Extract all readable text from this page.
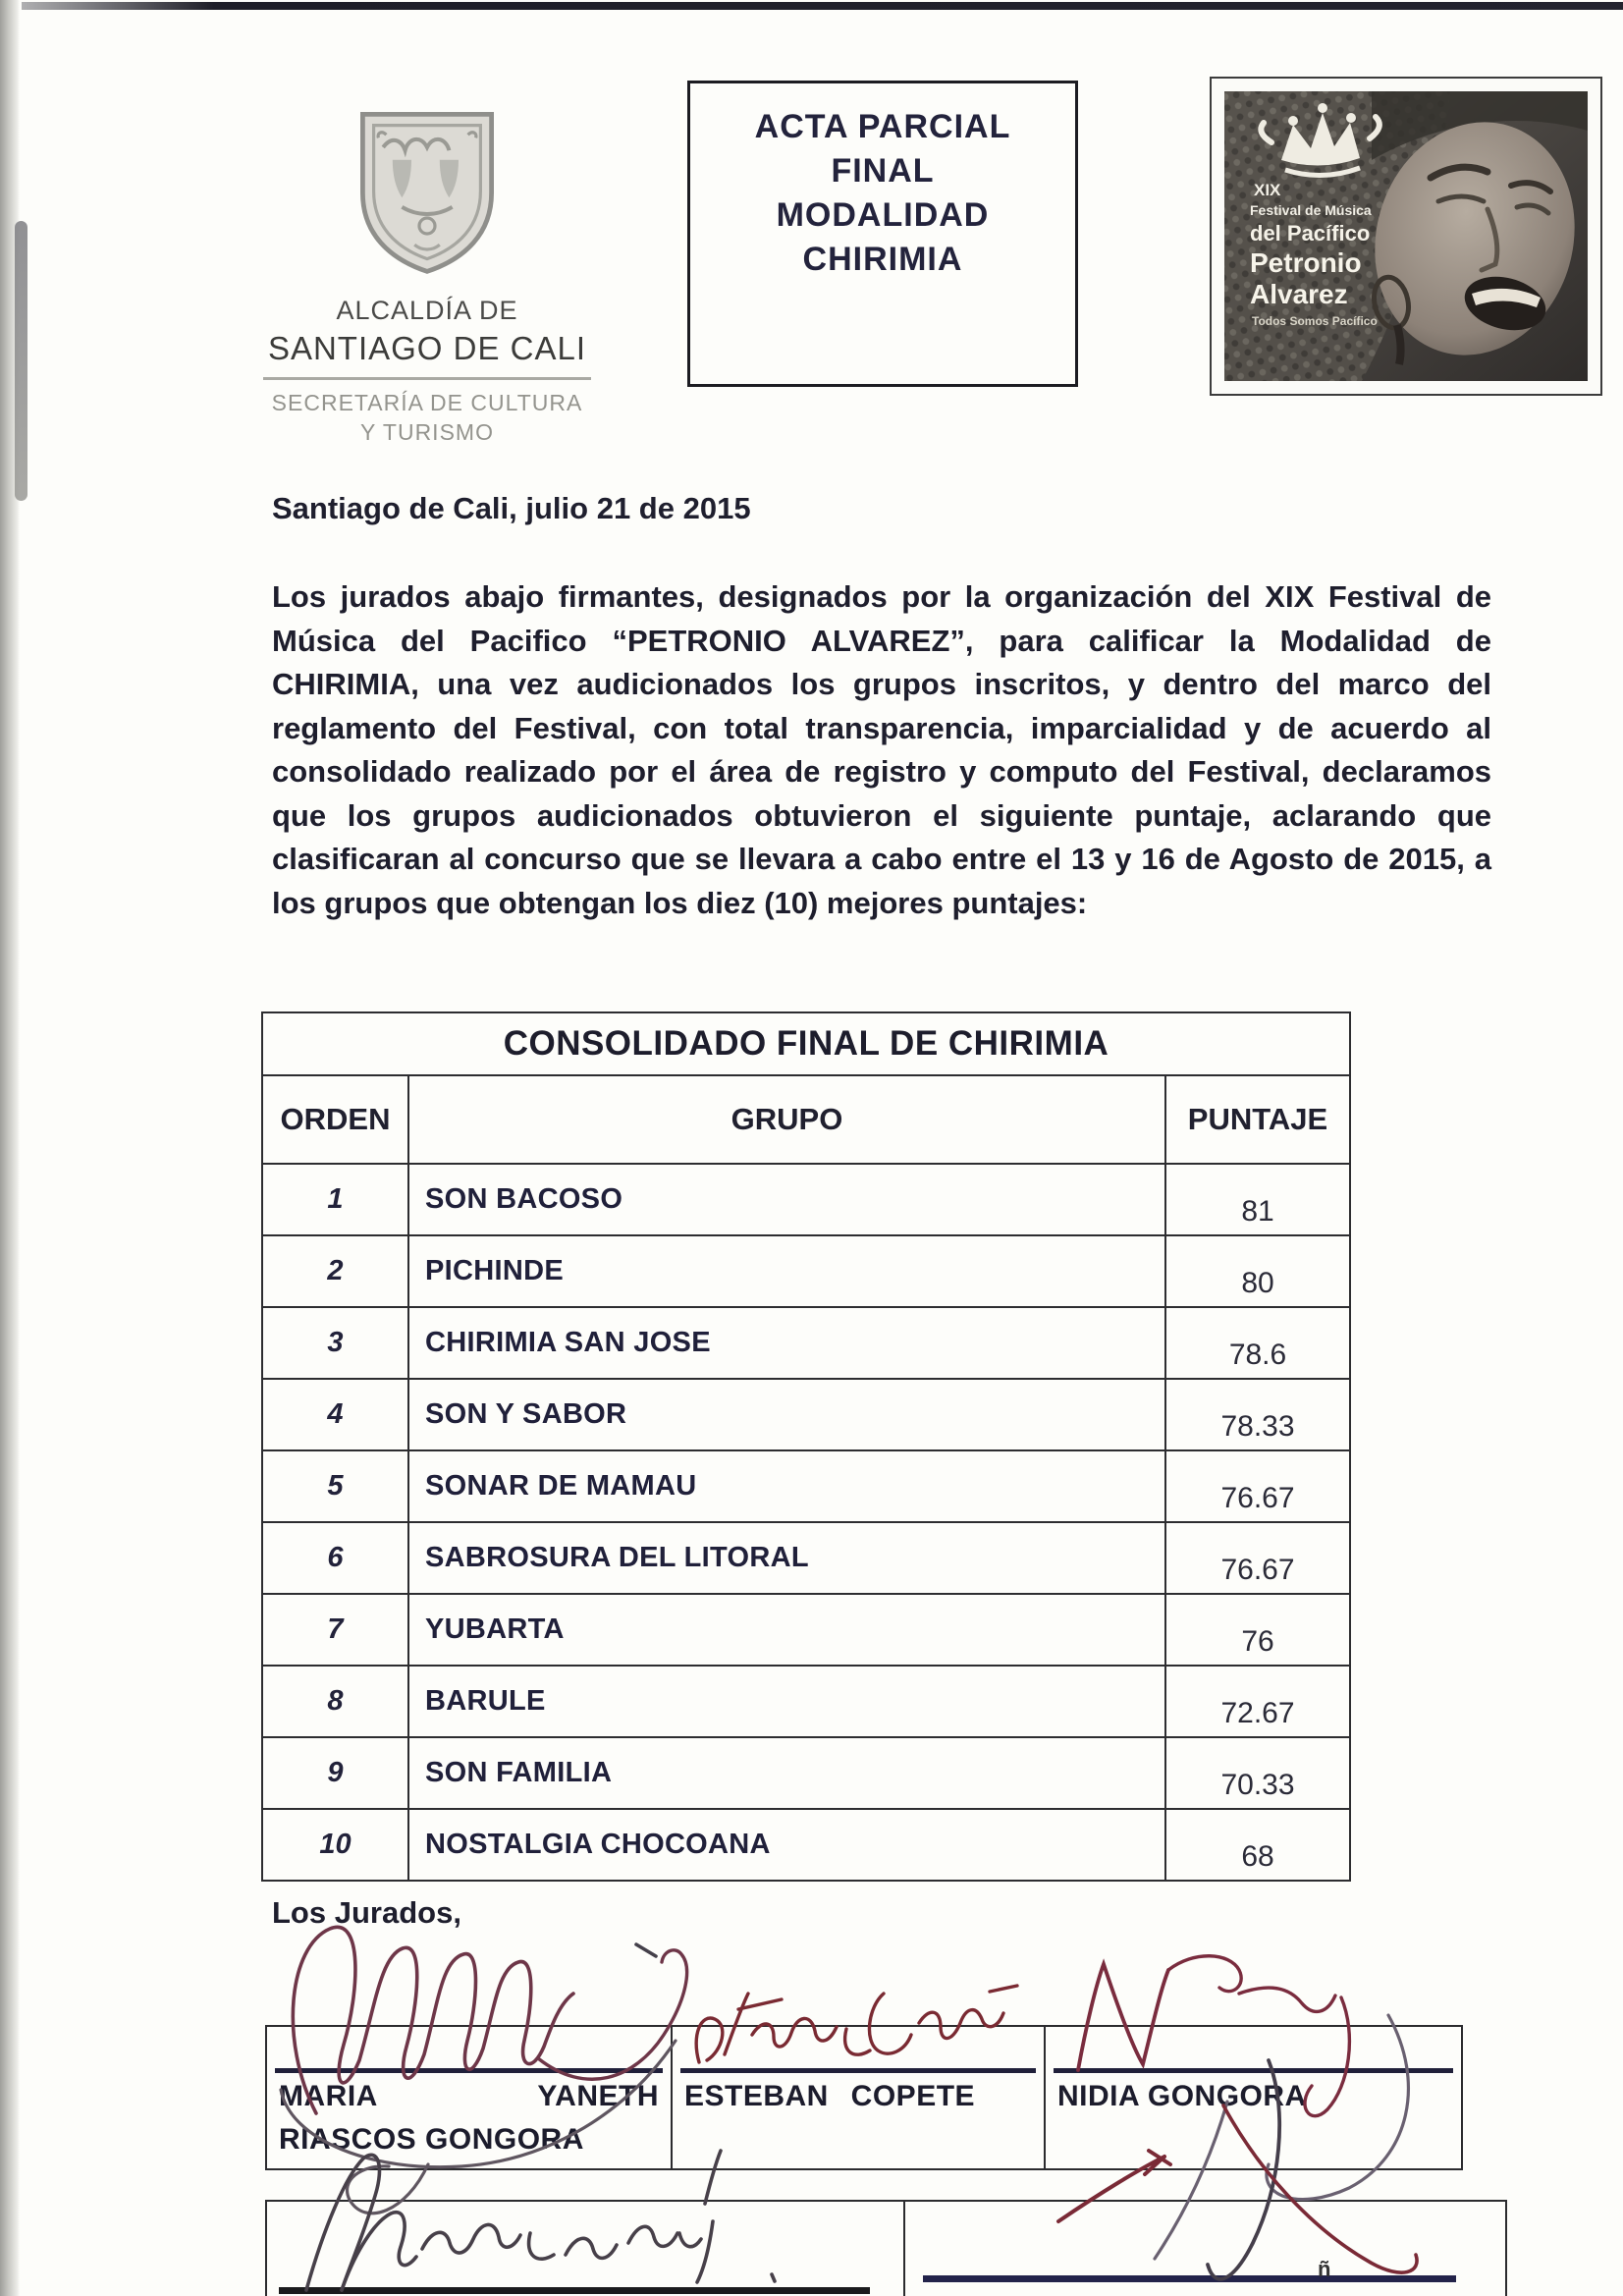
ALCALDÍA DE
SANTIAGO DE CALI
SECRETARÍA DE CULTURA
Y TURISMO
ACTA PARCIAL
FINAL
MODALIDAD
CHIRIMIA
XIX
Festival de Música
del Pacífico
Petronio
Alvarez
Todos Somos Pacífico
Santiago de Cali, julio 21 de 2015
Los jurados abajo firmantes, designados por la organización del XIX Festival de Música del Pacifico “PETRONIO ALVAREZ”, para calificar la Modalidad de CHIRIMIA, una vez audicionados los grupos inscritos, y dentro del marco del reglamento del Festival, con total transparencia, imparcialidad y de acuerdo al consolidado realizado por el área de registro y computo del Festival, declaramos que los grupos audicionados obtuvieron el siguiente puntaje, aclarando que clasificaran al concurso que se llevara a cabo entre el 13 y 16 de Agosto de 2015, a los grupos que obtengan los diez (10) mejores puntajes:
CONSOLIDADO FINAL DE CHIRIMIA		
ORDEN	GRUPO	PUNTAJE
1	SON BACOSO	81
2	PICHINDE	80
3	CHIRIMIA SAN JOSE	78.6
4	SON Y SABOR	78.33
5	SONAR DE MAMAU	76.67
6	SABROSURA DEL LITORAL	76.67
7	YUBARTA	76
8	BARULE	72.67
9	SON FAMILIA	70.33
10	NOSTALGIA CHOCOANA	68
Los Jurados,
MARIA	YANETH
RIASCOS GONGORA
ESTEBAN COPETE	NIDIA GONGORA
ñ
